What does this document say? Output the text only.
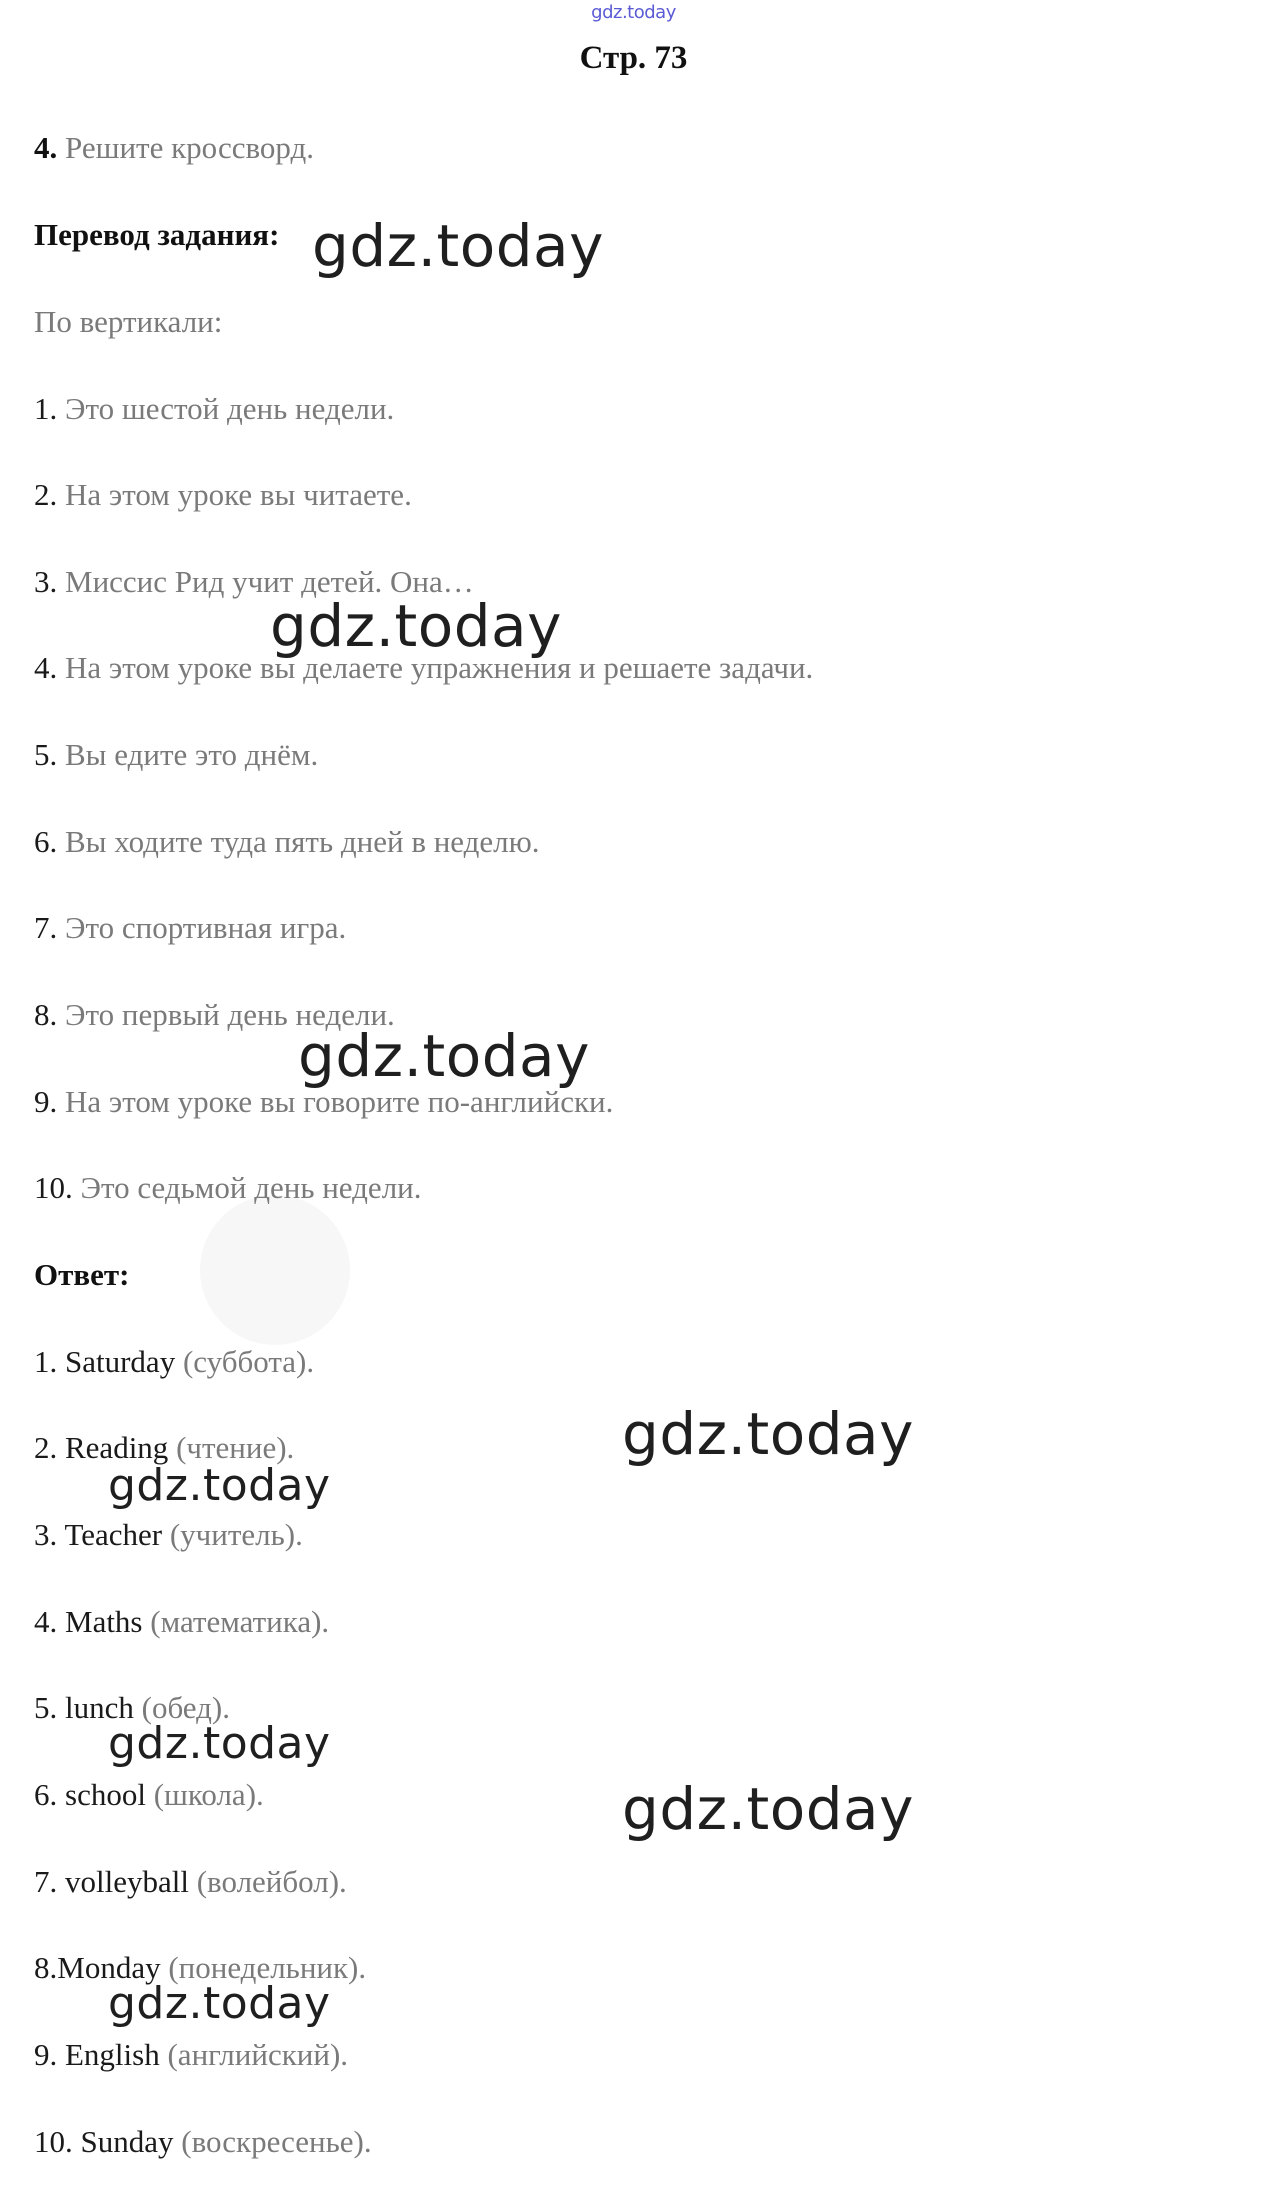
gdz.today
Стр. 73
4. Решите кроссворд.
Перевод задания:
По вертикали:
1. Это шестой день недели.
2. На этом уроке вы читаете.
3. Миссис Рид учит детей. Она…
4. На этом уроке вы делаете упражнения и решаете задачи.
5. Вы едите это днём.
6. Вы ходите туда пять дней в неделю.
7. Это спортивная игра.
8. Это первый день недели.
9. На этом уроке вы говорите по-английски.
10. Это седьмой день недели.
Ответ:
1. Saturday (суббота).
2. Reading (чтение).
3. Teacher (учитель).
4. Maths (математика).
5. lunch (обед).
6. school (школа).
7. volleyball (волейбол).
8.Monday (понедельник).
9. English (английский).
10. Sunday (воскресенье).
gdz.today
gdz.today
gdz.today
gdz.today
gdz.today
gdz.today
gdz.today
gdz.today
